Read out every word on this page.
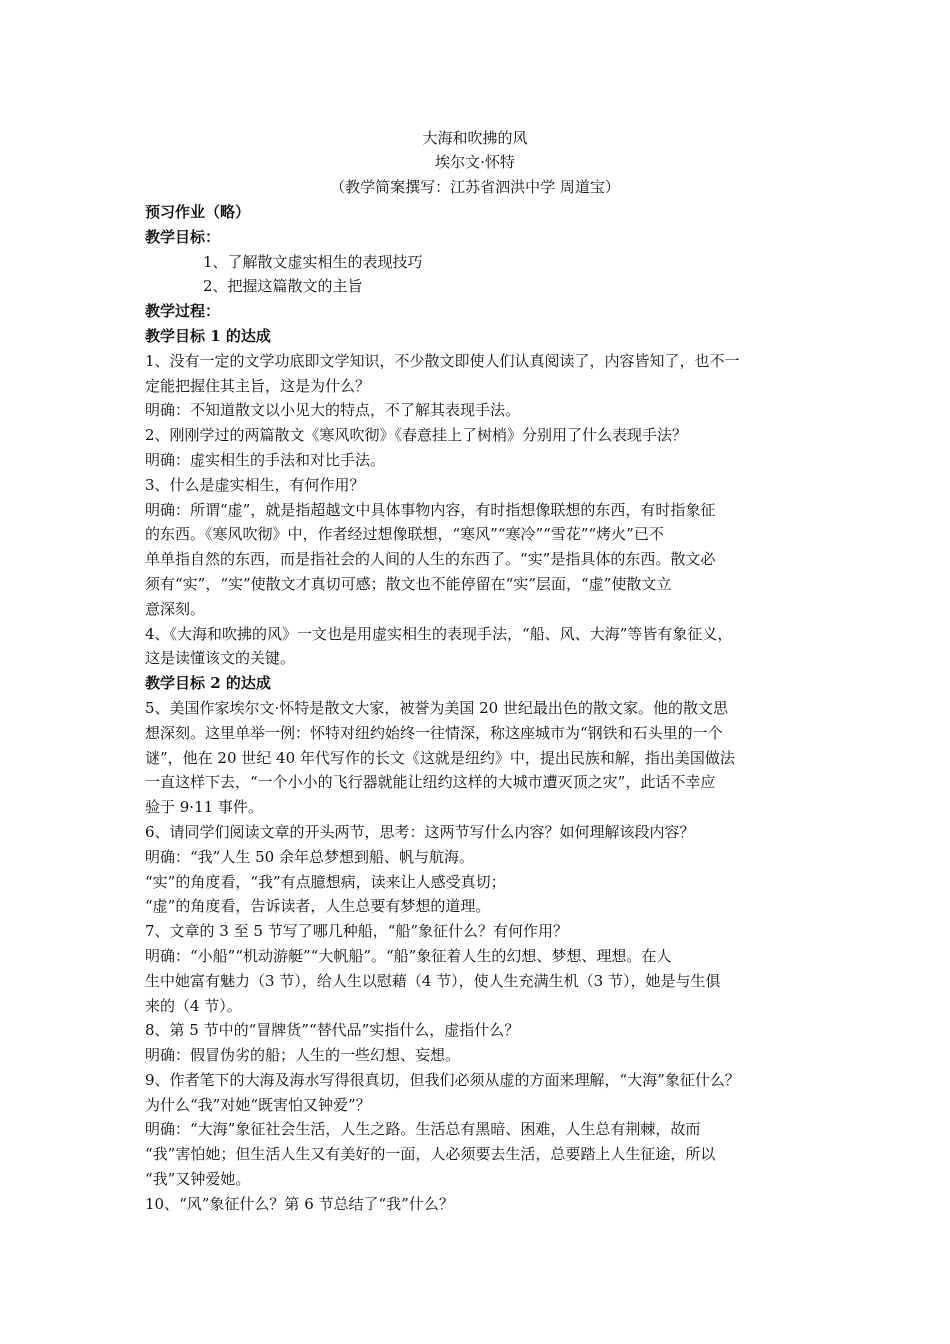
大海和吹拂的风
埃尔文·怀特
（教学简案撰写：江苏省泗洪中学 周道宝）
预习作业（略）
教学目标：
1、了解散文虚实相生的表现技巧
2、把握这篇散文的主旨
教学过程：
教学目标 1 的达成
1、没有一定的文学功底即文学知识，不少散文即使人们认真阅读了，内容皆知了，也不一
定能把握住其主旨，这是为什么？
明确：不知道散文以小见大的特点，不了解其表现手法。
2、刚刚学过的两篇散文《寒风吹彻》《春意挂上了树梢》分别用了什么表现手法？
明确：虚实相生的手法和对比手法。
3、什么是虚实相生，有何作用？
明确：所谓“虚”，就是指超越文中具体事物内容，有时指想像联想的东西，有时指象征
的东西。《寒风吹彻》中，作者经过想像联想，“寒风”“寒冷”“雪花”“烤火”已不
单单指自然的东西，而是指社会的人间的人生的东西了。“实”是指具体的东西。散文必
须有“实”，“实”使散文才真切可感；散文也不能停留在“实”层面，“虚”使散文立
意深刻。
4、《大海和吹拂的风》一文也是用虚实相生的表现手法，“船、风、大海”等皆有象征义，
这是读懂该文的关键。
教学目标 2 的达成
5、美国作家埃尔文·怀特是散文大家，被誉为美国 20 世纪最出色的散文家。他的散文思
想深刻。这里单举一例：怀特对纽约始终一往情深，称这座城市为“钢铁和石头里的一个
谜”，他在 20 世纪 40 年代写作的长文《这就是纽约》中，提出民族和解，指出美国做法
一直这样下去，“一个小小的飞行器就能让纽约这样的大城市遭灭顶之灾”，此话不幸应
验于 9·11 事件。
6、请同学们阅读文章的开头两节，思考：这两节写什么内容？如何理解该段内容？
明确：“我”人生 50 余年总梦想到船、帆与航海。
“实”的角度看，“我”有点臆想病，读来让人感受真切；
“虚”的角度看，告诉读者，人生总要有梦想的道理。
7、文章的 3 至 5 节写了哪几种船，“船”象征什么？有何作用？
明确：“小船”“机动游艇”“大帆船”。“船”象征着人生的幻想、梦想、理想。在人
生中她富有魅力（3 节），给人生以慰藉（4 节），使人生充满生机（3 节），她是与生俱
来的（4 节）。
8、第 5 节中的“冒牌货”“替代品”实指什么，虚指什么？
明确：假冒伪劣的船；人生的一些幻想、妄想。
9、作者笔下的大海及海水写得很真切，但我们必须从虚的方面来理解，“大海”象征什么？
为什么“我”对她“既害怕又钟爱”？
明确：“大海”象征社会生活，人生之路。生活总有黑暗、困难，人生总有荆棘，故而
“我”害怕她；但生活人生又有美好的一面，人必须要去生活，总要踏上人生征途，所以
“我”又钟爱她。
10、“风”象征什么？第 6 节总结了“我”什么？
